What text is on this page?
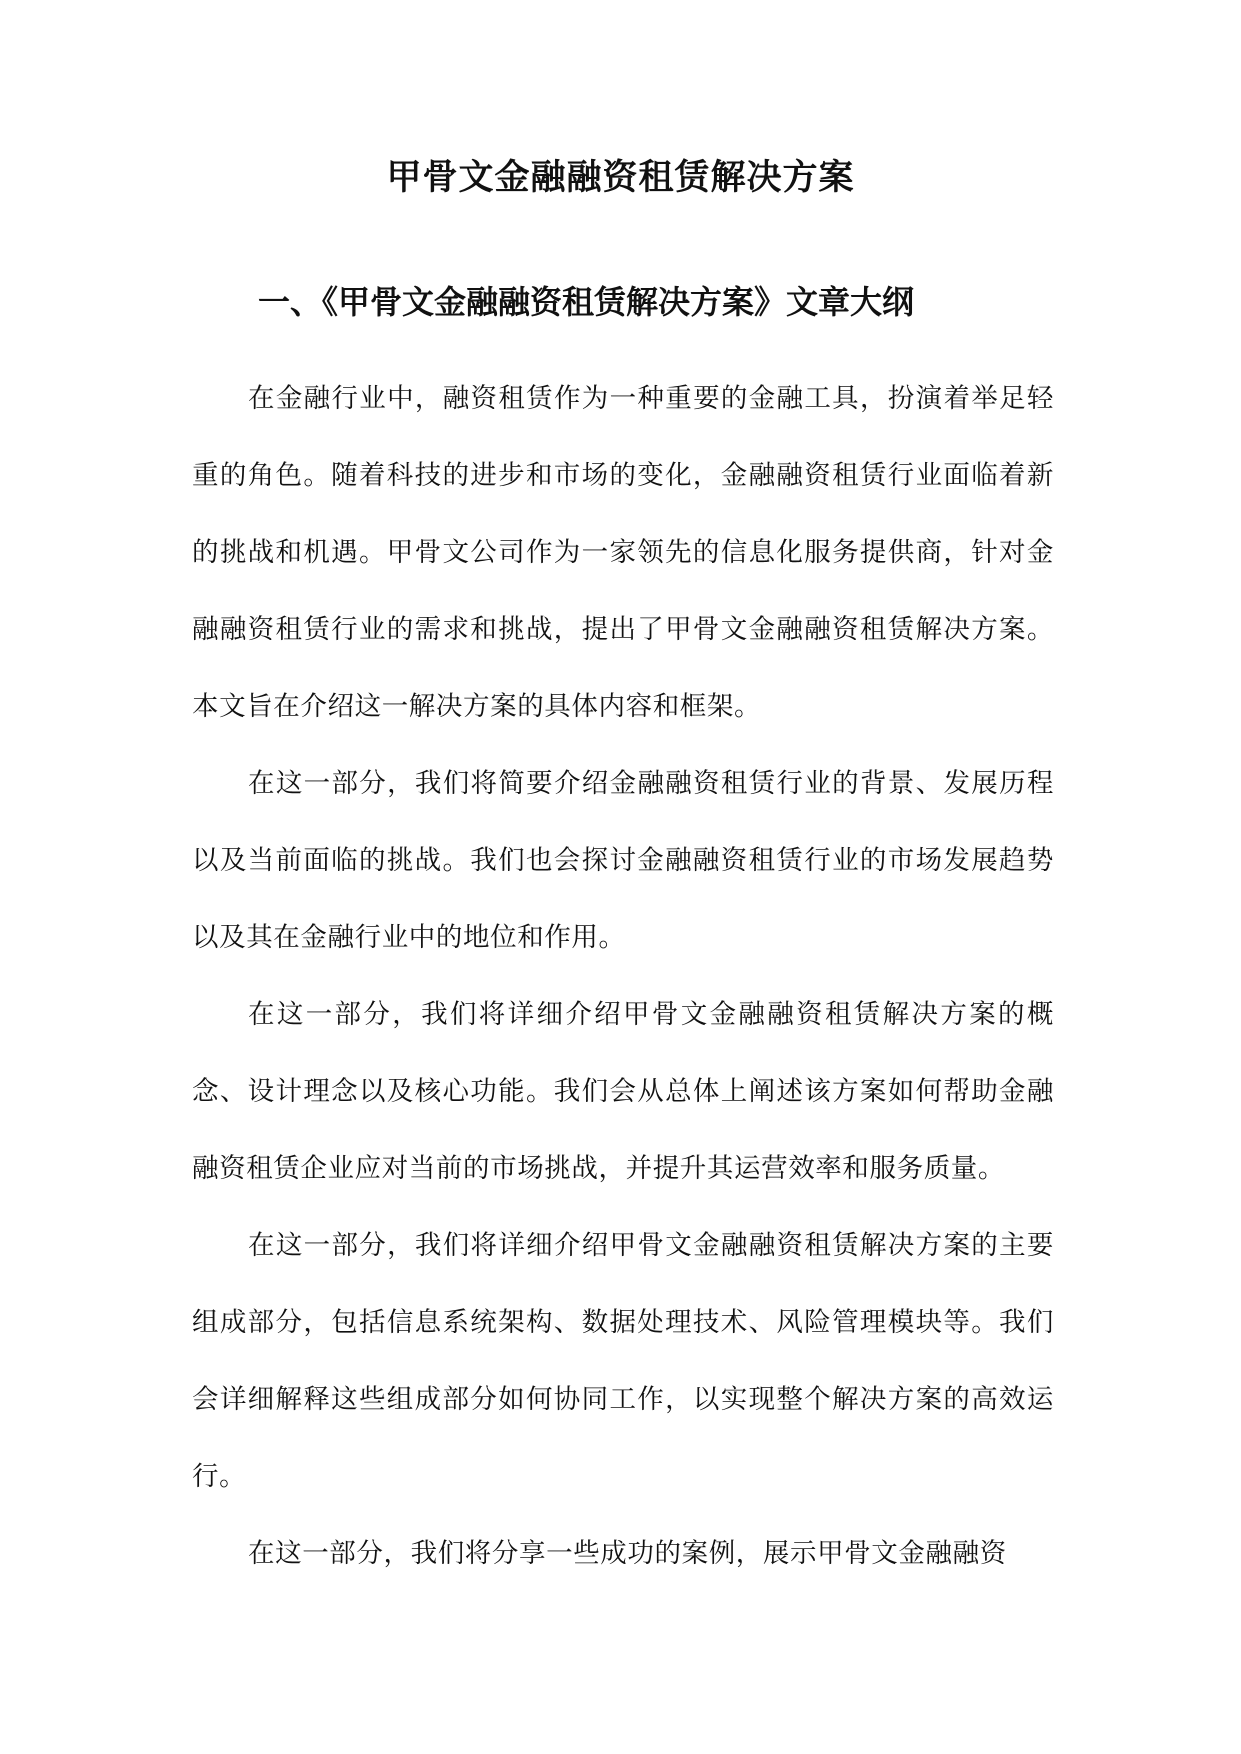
甲骨文金融融资租赁解决方案
一、《甲骨文金融融资租赁解决方案》文章大纲

在金融行业中，融资租赁作为一种重要的金融工具，扮演着举足轻重的角色。随着科技的进步和市场的变化，金融融资租赁行业面临着新的挑战和机遇。甲骨文公司作为一家领先的信息化服务提供商，针对金融融资租赁行业的需求和挑战，提出了甲骨文金融融资租赁解决方案。本文旨在介绍这一解决方案的具体内容和框架。

在这一部分，我们将简要介绍金融融资租赁行业的背景、发展历程以及当前面临的挑战。我们也会探讨金融融资租赁行业的市场发展趋势以及其在金融行业中的地位和作用。

在这一部分，我们将详细介绍甲骨文金融融资租赁解决方案的概念、设计理念以及核心功能。我们会从总体上阐述该方案如何帮助金融融资租赁企业应对当前的市场挑战，并提升其运营效率和服务质量。

在这一部分，我们将详细介绍甲骨文金融融资租赁解决方案的主要组成部分，包括信息系统架构、数据处理技术、风险管理模块等。我们会详细解释这些组成部分如何协同工作，以实现整个解决方案的高效运行。

在这一部分，我们将分享一些成功的案例，展示甲骨文金融融资
